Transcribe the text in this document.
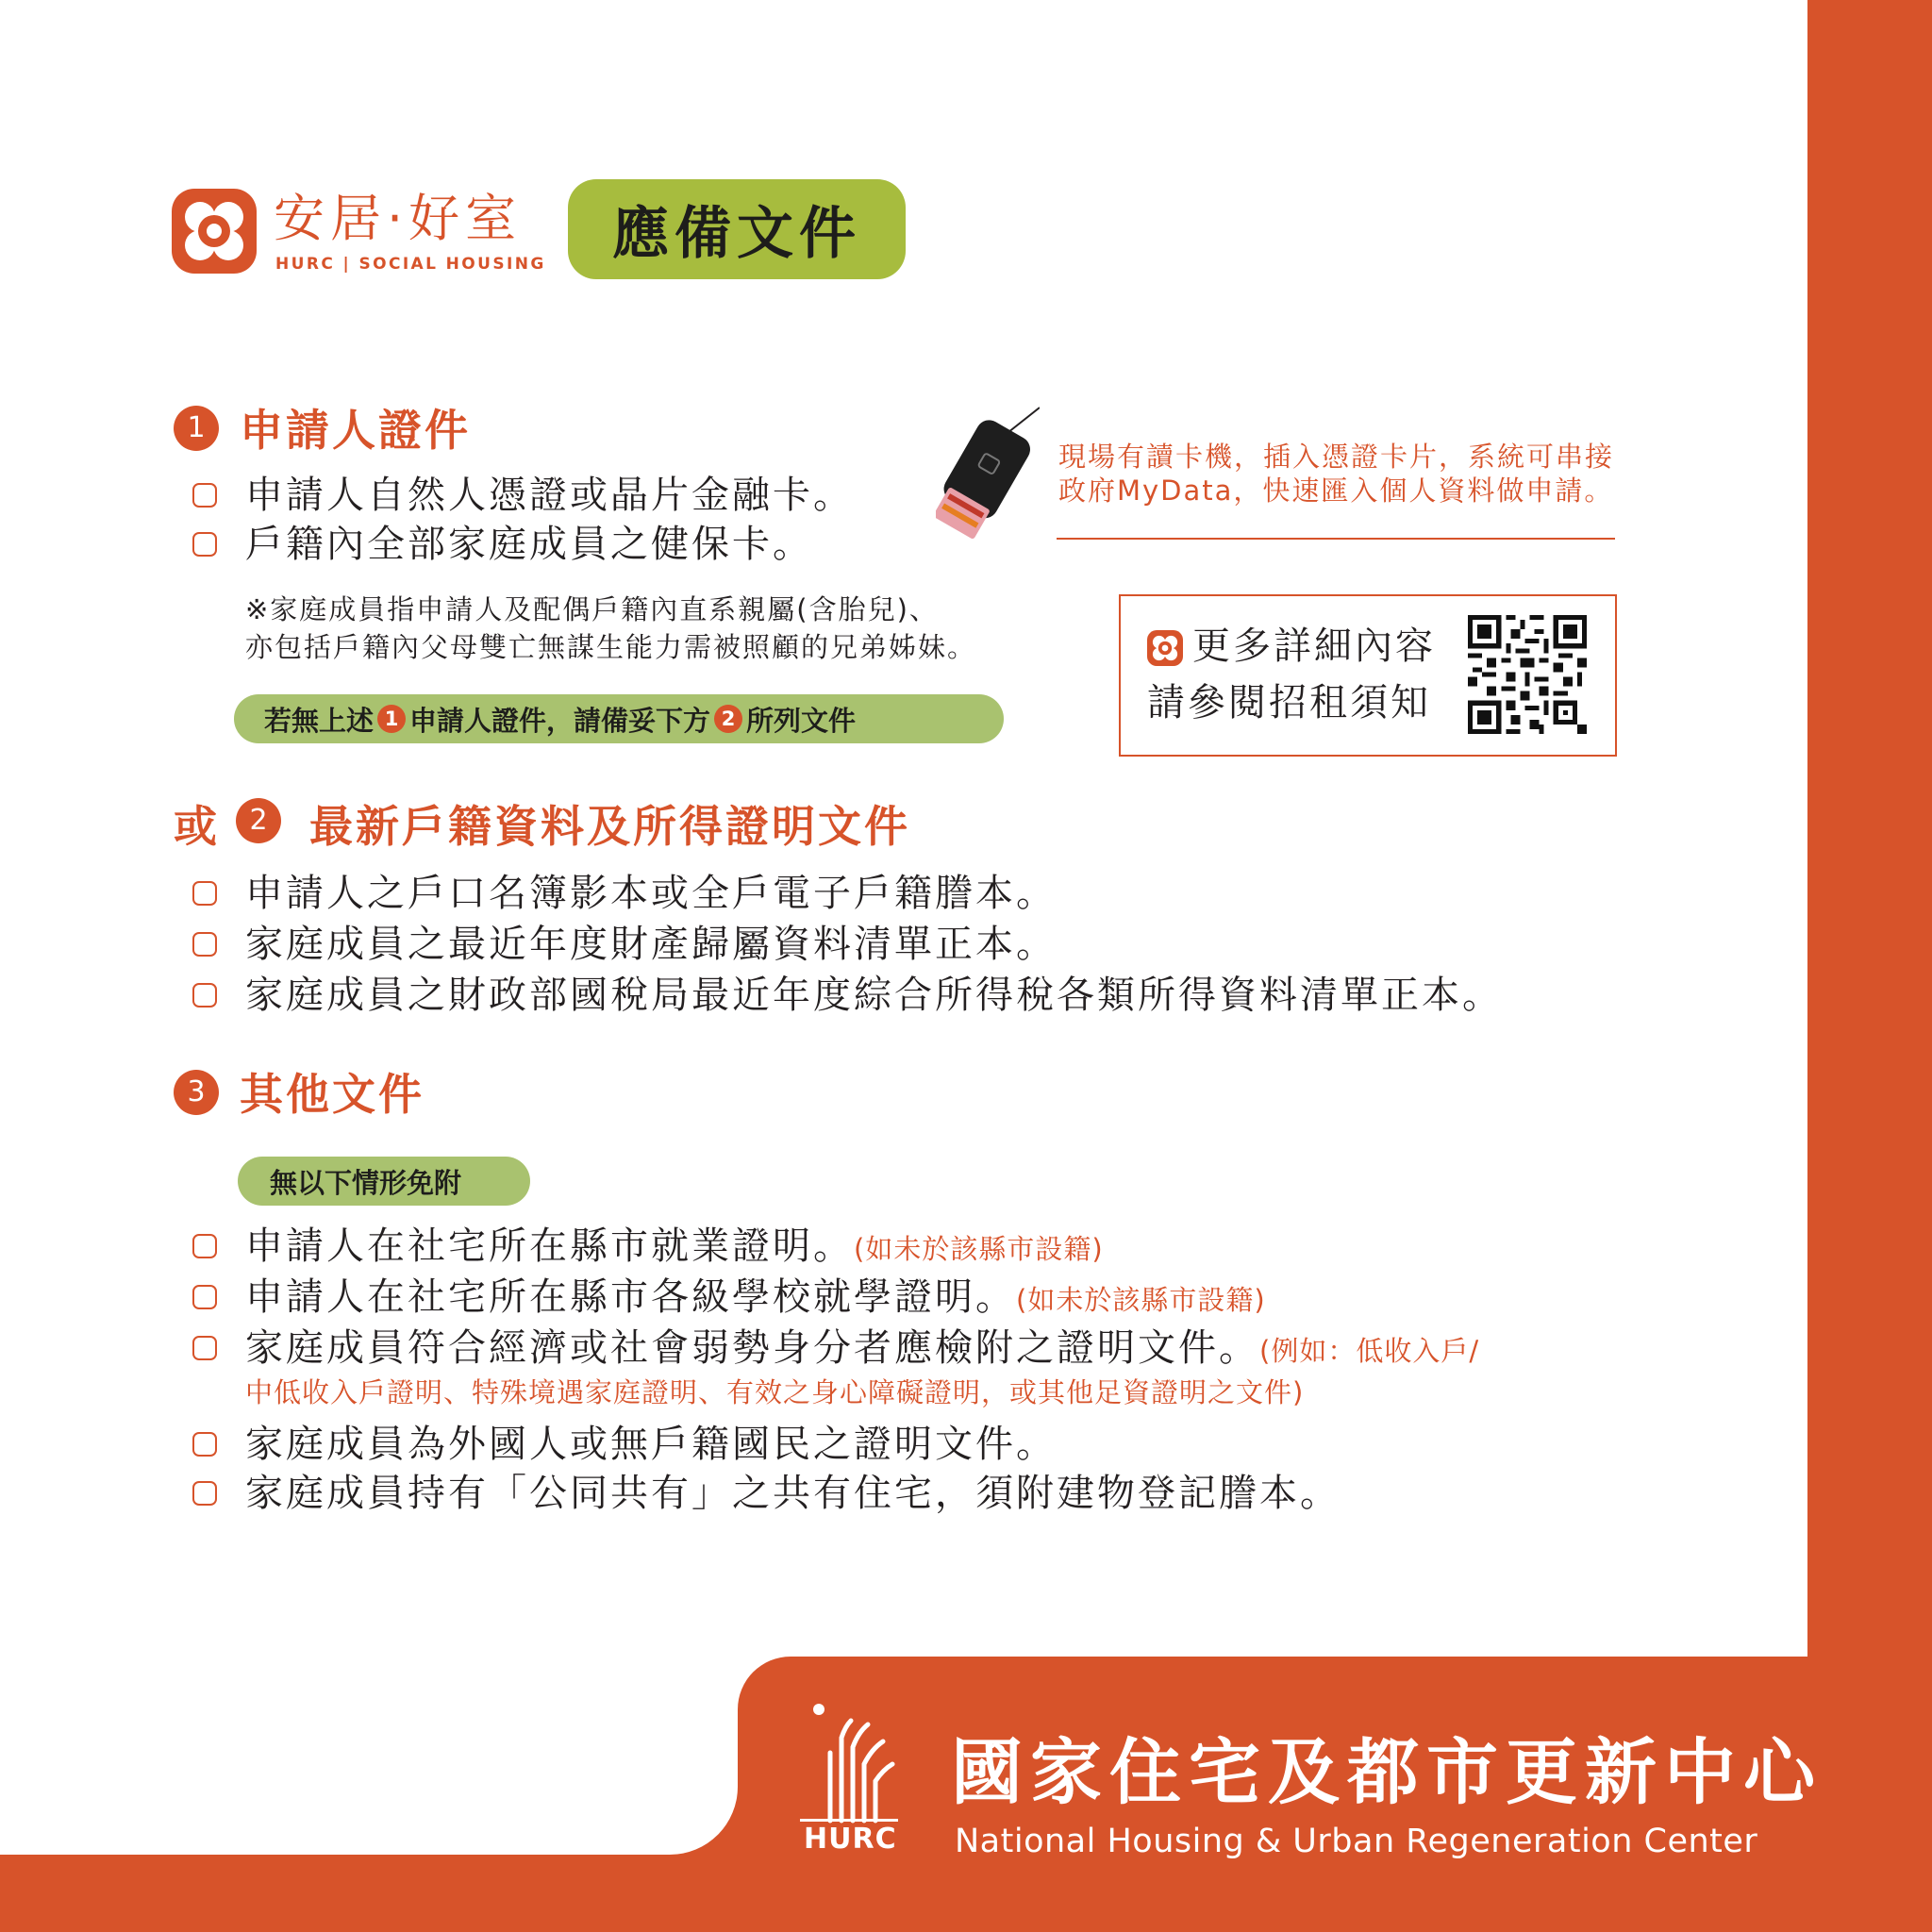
安居·好室
HURC | SOCIAL HOUSING	應備文件
1 申請人證件
申請人自然人憑證或晶片金融卡。
戶籍內全部家庭成員之健保卡。
※家庭成員指申請人及配偶戶籍內直系親屬(含胎兒)、
亦包括戶籍內父母雙亡無謀生能力需被照顧的兄弟姊妹。
若無上述 1 申請人證件，請備妥下方 2 所列文件
現場有讀卡機，插入憑證卡片，系統可串接
政府MyData，快速匯入個人資料做申請。
更多詳細內容
請參閱招租須知
或	2 最新戶籍資料及所得證明文件
申請人之戶口名簿影本或全戶電子戶籍謄本。
家庭成員之最近年度財產歸屬資料清單正本。
家庭成員之財政部國稅局最近年度綜合所得稅各類所得資料清單正本。
3 其他文件
無以下情形免附
申請人在社宅所在縣市就業證明。(如未於該縣市設籍)
申請人在社宅所在縣市各級學校就學證明。(如未於該縣市設籍)
家庭成員符合經濟或社會弱勢身分者應檢附之證明文件。(例如：低收入戶/
中低收入戶證明、特殊境遇家庭證明、有效之身心障礙證明，或其他足資證明之文件)
家庭成員為外國人或無戶籍國民之證明文件。
家庭成員持有「公同共有」之共有住宅，須附建物登記謄本。
HURC
國家住宅及都市更新中心
National Housing & Urban Regeneration Center
